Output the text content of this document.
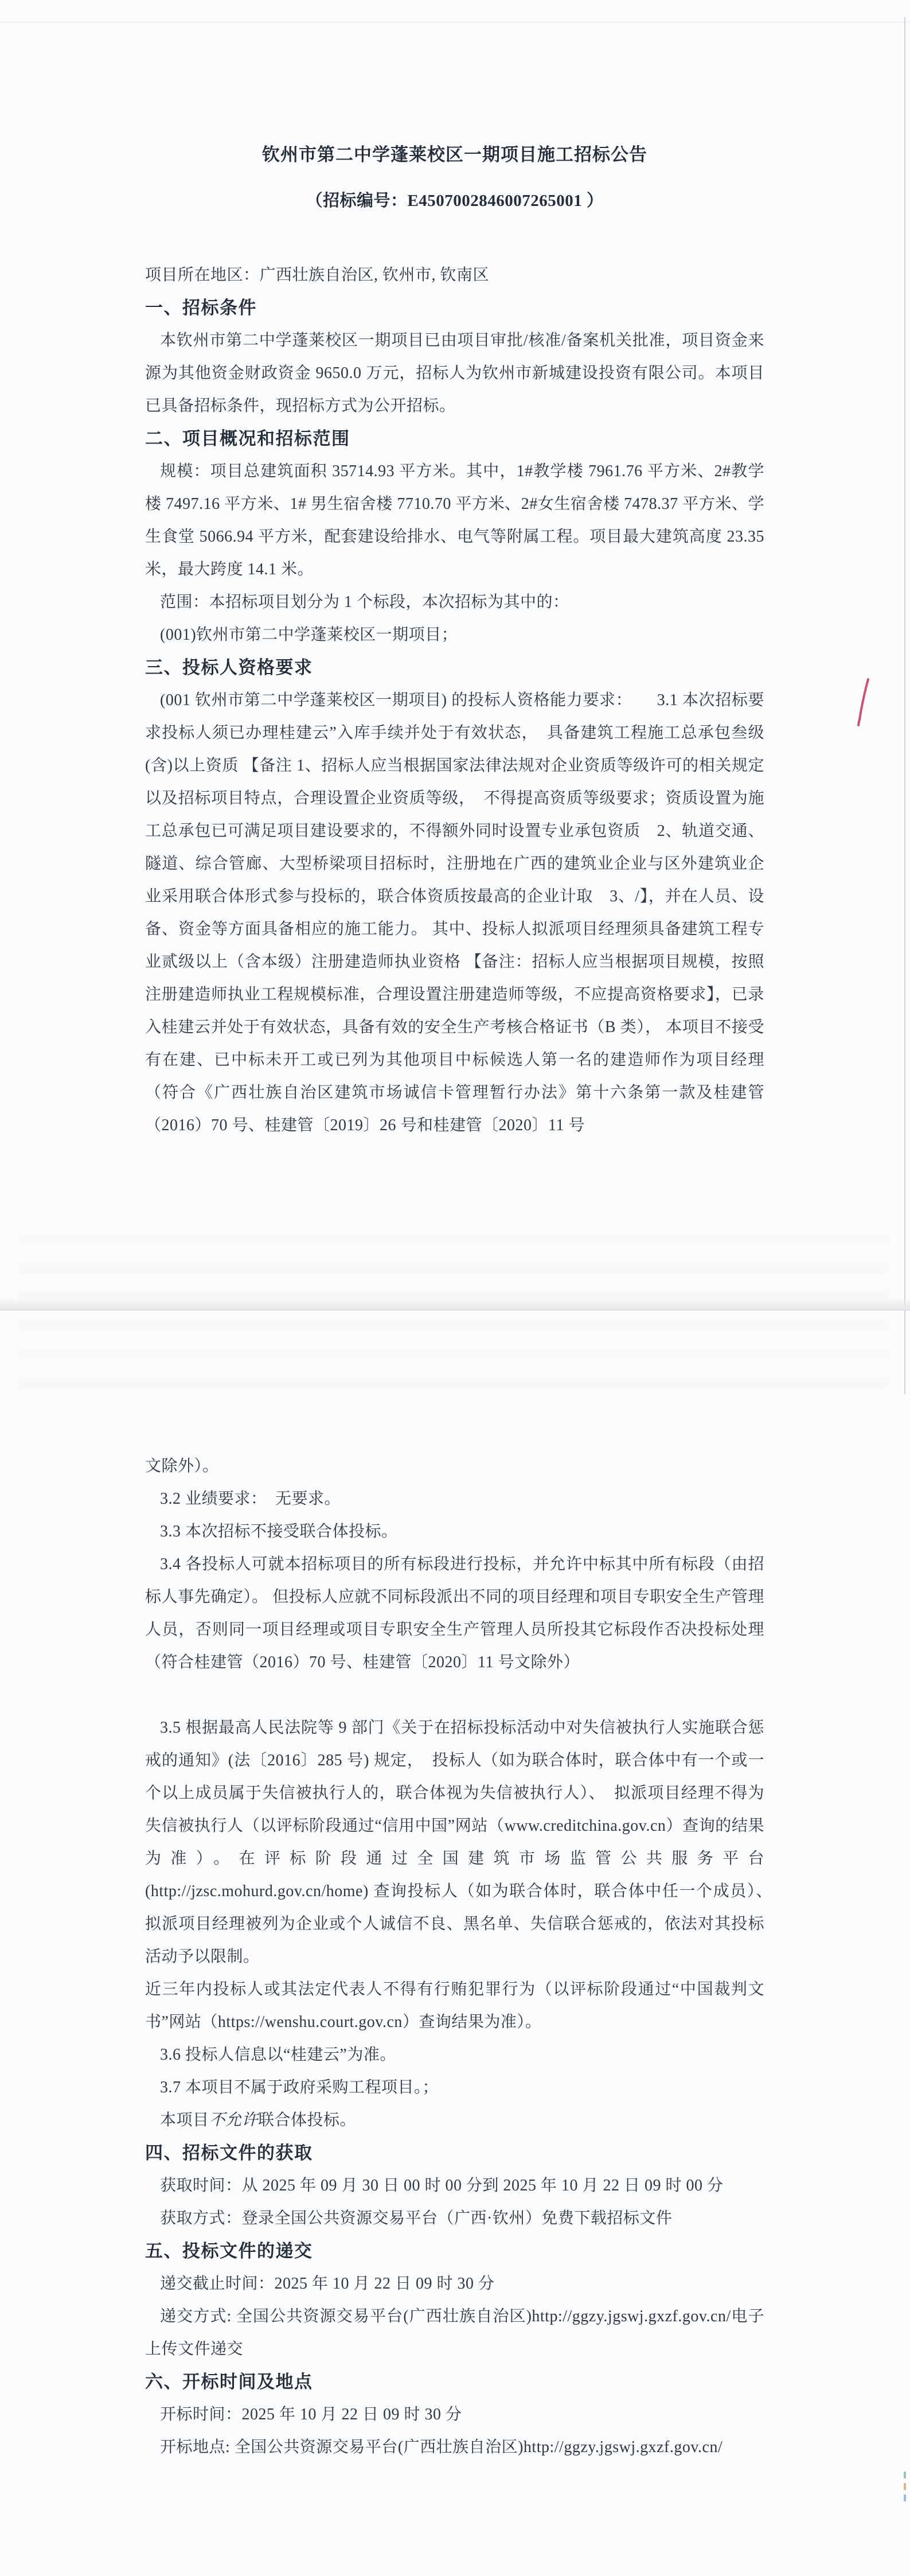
钦州市第二中学蓬莱校区一期项目施工招标公告
（招标编号：E4507002846007265001 ）
项目所在地区：广西壮族自治区, 钦州市, 钦南区
一、招标条件
本钦州市第二中学蓬莱校区一期项目已由项目审批/核准/备案机关批准，项目资金来源为其他资金财政资金 9650.0 万元，招标人为钦州市新城建设投资有限公司。本项目已具备招标条件，现招标方式为公开招标。
二、项目概况和招标范围
规模：项目总建筑面积 35714.93 平方米。其中，1#教学楼 7961.76 平方米、2#教学楼 7497.16 平方米、1# 男生宿舍楼 7710.70 平方米、2#女生宿舍楼 7478.37 平方米、学生食堂 5066.94 平方米，配套建设给排水、电气等附属工程。项目最大建筑高度 23.35 米，最大跨度 14.1 米。
范围：本招标项目划分为 1 个标段，本次招标为其中的：
(001)钦州市第二中学蓬莱校区一期项目；
三、投标人资格要求
(001 钦州市第二中学蓬莱校区一期项目) 的投标人资格能力要求：　　3.1 本次招标要求投标人须已办理桂建云”入库手续并处于有效状态，　具备建筑工程施工总承包叁级(含)以上资质 【备注 1、招标人应当根据国家法律法规对企业资质等级许可的相关规定以及招标项目特点，合理设置企业资质等级，　不得提高资质等级要求；资质设置为施工总承包已可满足项目建设要求的，不得额外同时设置专业承包资质　2、轨道交通、隧道、综合管廊、大型桥梁项目招标时，注册地在广西的建筑业企业与区外建筑业企业采用联合体形式参与投标的，联合体资质按最高的企业计取　3、/】，并在人员、设备、资金等方面具备相应的施工能力。 其中、投标人拟派项目经理须具备建筑工程专业贰级以上（含本级）注册建造师执业资格 【备注：招标人应当根据项目规模，按照注册建造师执业工程规模标准，合理设置注册建造师等级，不应提高资格要求】，已录入桂建云并处于有效状态，具备有效的安全生产考核合格证书（B 类）， 本项目不接受有在建、已中标未开工或已列为其他项目中标候选人第一名的建造师作为项目经理（符合《广西壮族自治区建筑市场诚信卡管理暂行办法》第十六条第一款及桂建管（2016）70 号、桂建管〔2019〕26 号和桂建管〔2020〕11 号
文除外）。
3.2 业绩要求：　无要求。
3.3 本次招标不接受联合体投标。
3.4 各投标人可就本招标项目的所有标段进行投标，并允许中标其中所有标段（由招标人事先确定）。 但投标人应就不同标段派出不同的项目经理和项目专职安全生产管理人员，否则同一项目经理或项目专职安全生产管理人员所投其它标段作否决投标处理 （符合桂建管（2016）70 号、桂建管〔2020〕11 号文除外）
3.5 根据最高人民法院等 9 部门《关于在招标投标活动中对失信被执行人实施联合惩戒的通知》(法〔2016〕285 号) 规定，　投标人（如为联合体时，联合体中有一个或一个以上成员属于失信被执行人的，联合体视为失信被执行人）、　拟派项目经理不得为失信被执行人（以评标阶段通过“信用中国”网站（www.creditchina.gov.cn）查询的结果为准）。在评标阶段通过全国建筑市场监管公共服务平台(http://jzsc.mohurd.gov.cn/home) 查询投标人（如为联合体时，联合体中任一个成员）、　拟派项目经理被列为企业或个人诚信不良、黑名单、失信联合惩戒的，依法对其投标活动予以限制。
近三年内投标人或其法定代表人不得有行贿犯罪行为（以评标阶段通过“中国裁判文书”网站（https://wenshu.court.gov.cn）查询结果为准）。
3.6 投标人信息以“桂建云”为准。
3.7 本项目不属于政府采购工程项目。；
本项目不允许联合体投标。
四、招标文件的获取
获取时间：从 2025 年 09 月 30 日 00 时 00 分到 2025 年 10 月 22 日 09 时 00 分
获取方式：登录全国公共资源交易平台（广西·钦州）免费下载招标文件
五、投标文件的递交
递交截止时间：2025 年 10 月 22 日 09 时 30 分
递交方式: 全国公共资源交易平台(广西壮族自治区)http://ggzy.jgswj.gxzf.gov.cn/电子上传文件递交
六、开标时间及地点
开标时间：2025 年 10 月 22 日 09 时 30 分
开标地点: 全国公共资源交易平台(广西壮族自治区)http://ggzy.jgswj.gxzf.gov.cn/
